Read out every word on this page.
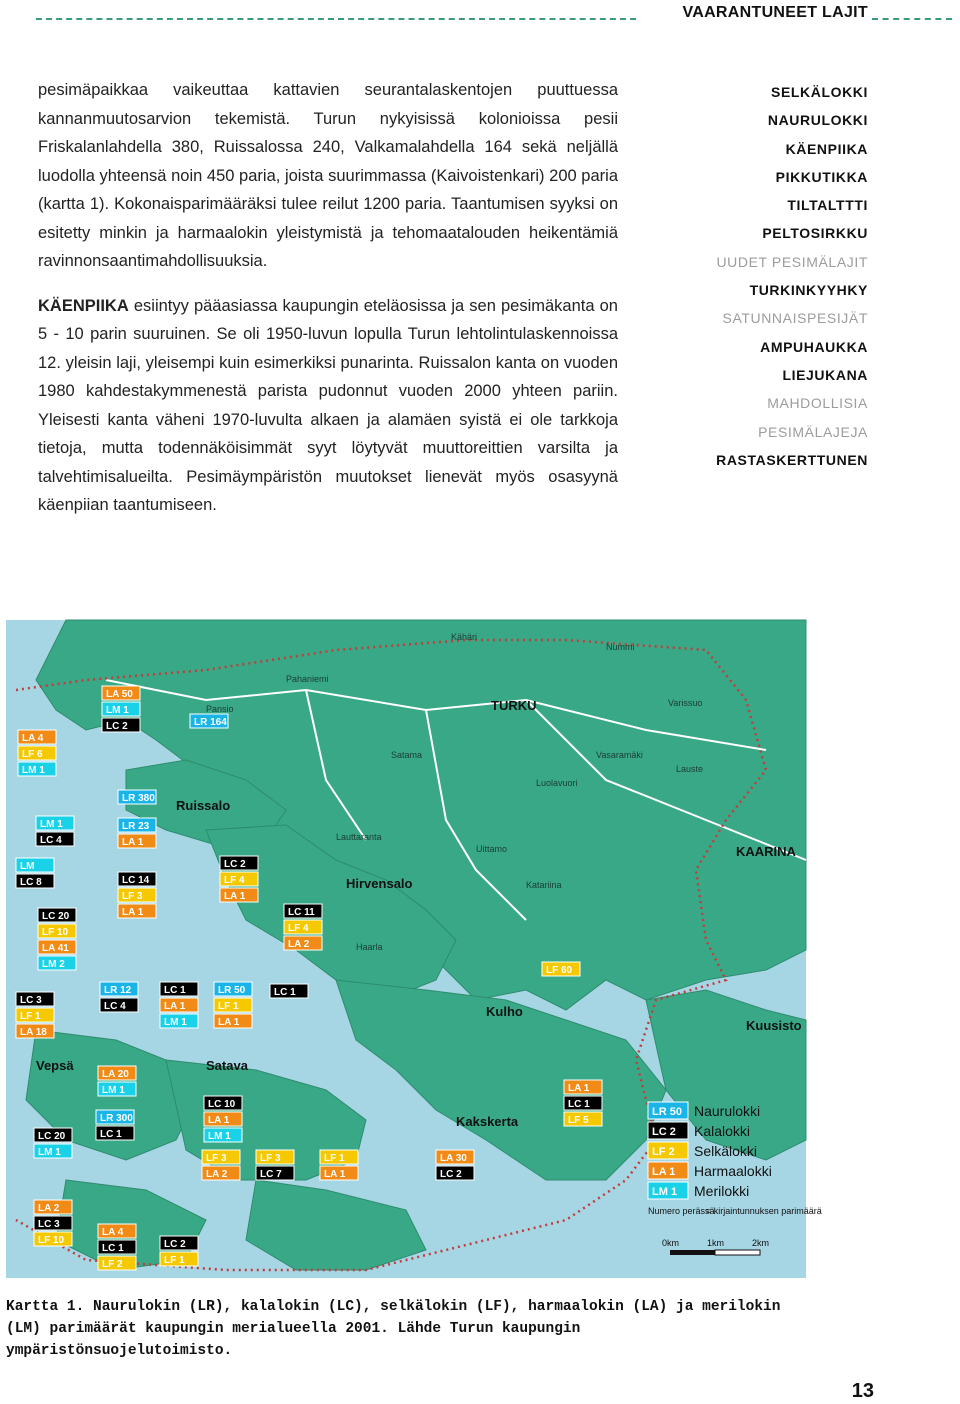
VAARANTUNEET LAJIT

pesimäpaikkaa vaikeuttaa kattavien seurantalaskentojen puuttuessa kannanmuutosarvion tekemistä. Turun nykyisissä kolonioissa pesii Friskalanlahdella 380, Ruissalossa 240, Valkamalahdella 164 sekä neljällä luodolla yhteensä noin 450 paria, joista suurimmassa (Kaivoistenkari) 200 paria (kartta 1). Kokonaisparimääräksi tulee reilut 1200 paria. Taantumisen syyksi on esitetty minkin ja harmaalokin yleistymistä ja tehomaatalouden heikentämiä ravinnonsaantimahdollisuuksia.

KÄENPIIKA esiintyy pääasiassa kaupungin eteläosissa ja sen pesimäkanta on 5 - 10 parin suuruinen. Se oli 1950-luvun lopulla Turun lehtolintulaskennoissa 12. yleisin laji, yleisempi kuin esimerkiksi punarinta. Ruissalon kanta on vuoden 1980 kahdestakymmenestä parista pudonnut vuoden 2000 yhteen pariin. Yleisesti kanta väheni 1970-luvulta alkaen ja alamäen syistä ei ole tarkkoja tietoja, mutta todennäköisimmät syyt löytyvät muuttoreittien varsilta ja talvehtimisalueilta. Pesimäympäristön muutokset lienevät myös osasyynä käenpiian taantumiseen.

SELKÄLOKKI
NAURULOKKI
KÄENPIIKA
PIKKUTIKKA
TILTALTTTI
PELTOSIRKKU
UUDET PESIMÄLAJIT
TURKINKYYHKY
SATUNNAISPESIJÄT
AMPUHAUKKA
LIEJUKANA
MAHDOLLISIA
PESIMÄLAJEJA
RASTASKERTTUNEN
Kähäri
Nummi
Pahaniemi
TURKU	Varissuo
Pansio
Satama	Vasaramäki
Lauste
Luolavuori
Ruissalo
Lauttaranta
Uittamo	KAARINA
Hirvensalo	Katariina
Haarla
Kulho
Kuusisto
Vepsä	Satava
Kakskerta
LA 50
LM 1
LC 2	LR 164
LA 4
LF 6
LM 1
LR 380
LM 1
LC 4
LR 23
LA 1
LM
LC 8
LC 2
LF 4
LA 1
LC 14
LF 3
LA 1
LC 20
LF 10
LA 41
LM 2
LC 11
LF 4
LA 2
LF 60
LC 3
LF 1
LA 18
LR 12
LC 4
LC 1
LA 1
LM 1
LR 50
LF 1
LA 1
LC 1
LA 20
LM 1
LC 10
LA 1
LM 1
LR 300
LC 1
LC 20
LM 1
LF 3
LA 2
LF 3
LC 7
LF 1
LA 1
LA 30
LC 2
LA 1
LC 1
LF 5
LA 2
LC 3
LF 10
LA 4
LC 1
LF 2
LC 2
LF 1
LR 50 Naurulokki
LC 2 Kalalokki
LF 2 Selkälokki
LA 1 Harmaalokki
LM 1 Merilokki
Numero perässä
= kirjaintunnuksen parimäärä
0km	1km	2km
Kartta 1. Naurulokin (LR), kalalokin (LC), selkälokin (LF), harmaalokin (LA) ja merilokin (LM) parimäärät kaupungin merialueella 2001. Lähde Turun kaupungin ympäristönsuojelutoimisto.
13
